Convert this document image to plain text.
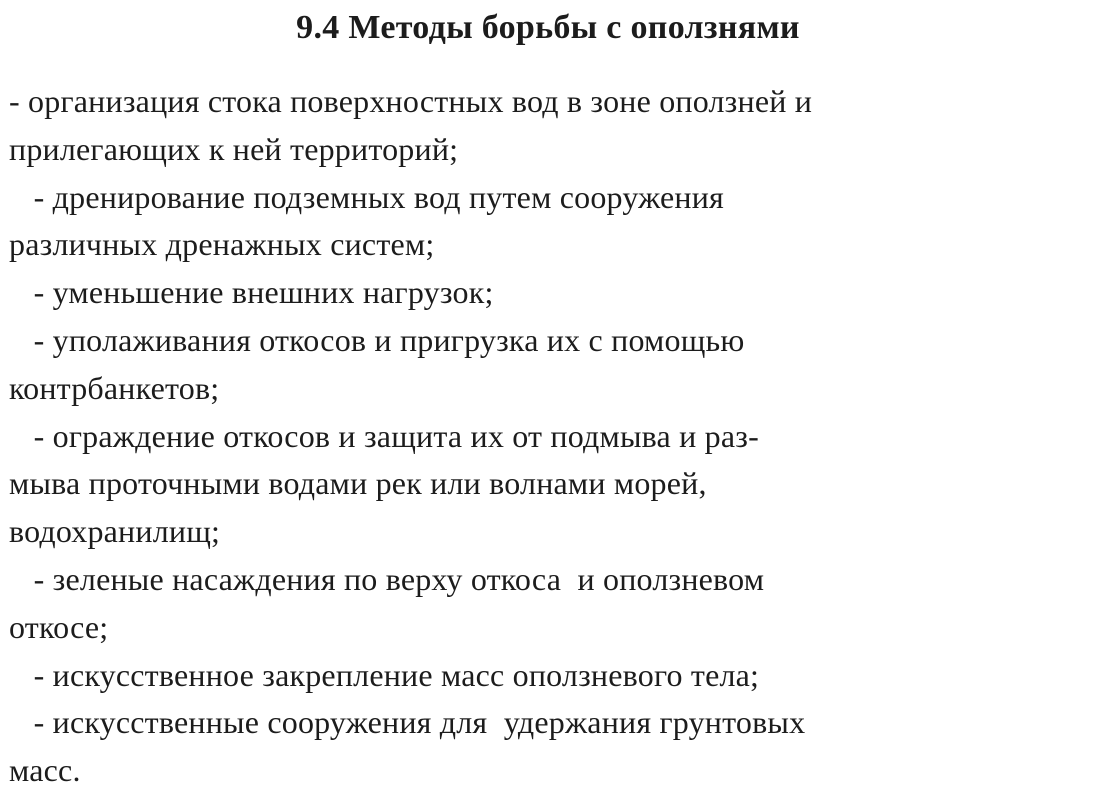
9.4 Методы борьбы с оползнями
- организация стока поверхностных вод в зоне оползней и
прилегающих к ней территорий;
- дренирование подземных вод путем сооружения
различных дренажных систем;
- уменьшение внешних нагрузок;
- уполаживания откосов и пригрузка их с помощью
контрбанкетов;
- ограждение откосов и защита их от подмыва и раз-
мыва проточными водами рек или волнами морей,
водохранилищ;
- зеленые насаждения по верху откоса  и оползневом
откосе;
- искусственное закрепление масс оползневого тела;
- искусственные сооружения для  удержания грунтовых
масс.
